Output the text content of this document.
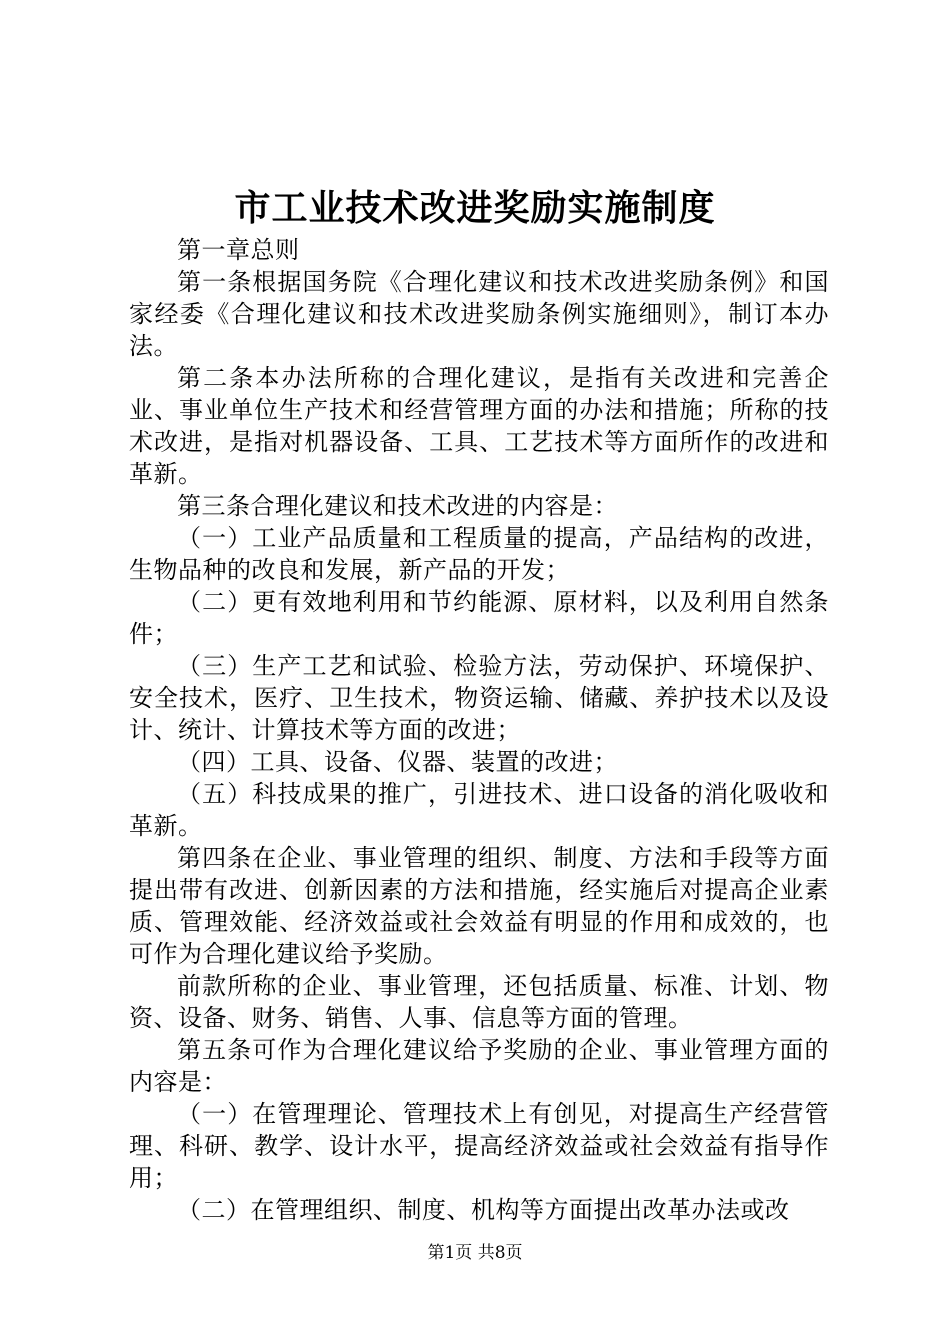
市工业技术改进奖励实施制度

第一章总则

第一条根据国务院《合理化建议和技术改进奖励条例》和国家经委《合理化建议和技术改进奖励条例实施细则》，制订本办法。

第二条本办法所称的合理化建议，是指有关改进和完善企业、事业单位生产技术和经营管理方面的办法和措施；所称的技术改进，是指对机器设备、工具、工艺技术等方面所作的改进和革新。

第三条合理化建议和技术改进的内容是：

（一）工业产品质量和工程质量的提高，产品结构的改进，生物品种的改良和发展，新产品的开发；

（二）更有效地利用和节约能源、原材料，以及利用自然条件；

（三）生产工艺和试验、检验方法，劳动保护、环境保护、安全技术，医疗、卫生技术，物资运输、储藏、养护技术以及设计、统计、计算技术等方面的改进；

（四）工具、设备、仪器、装置的改进；

（五）科技成果的推广，引进技术、进口设备的消化吸收和革新。

第四条在企业、事业管理的组织、制度、方法和手段等方面提出带有改进、创新因素的方法和措施，经实施后对提高企业素质、管理效能、经济效益或社会效益有明显的作用和成效的，也可作为合理化建议给予奖励。

前款所称的企业、事业管理，还包括质量、标准、计划、物资、设备、财务、销售、人事、信息等方面的管理。

第五条可作为合理化建议给予奖励的企业、事业管理方面的内容是：

（一）在管理理论、管理技术上有创见，对提高生产经营管理、科研、教学、设计水平，提高经济效益或社会效益有指导作用；

（二）在管理组织、制度、机构等方面提出改革办法或改

第1页 共8页
